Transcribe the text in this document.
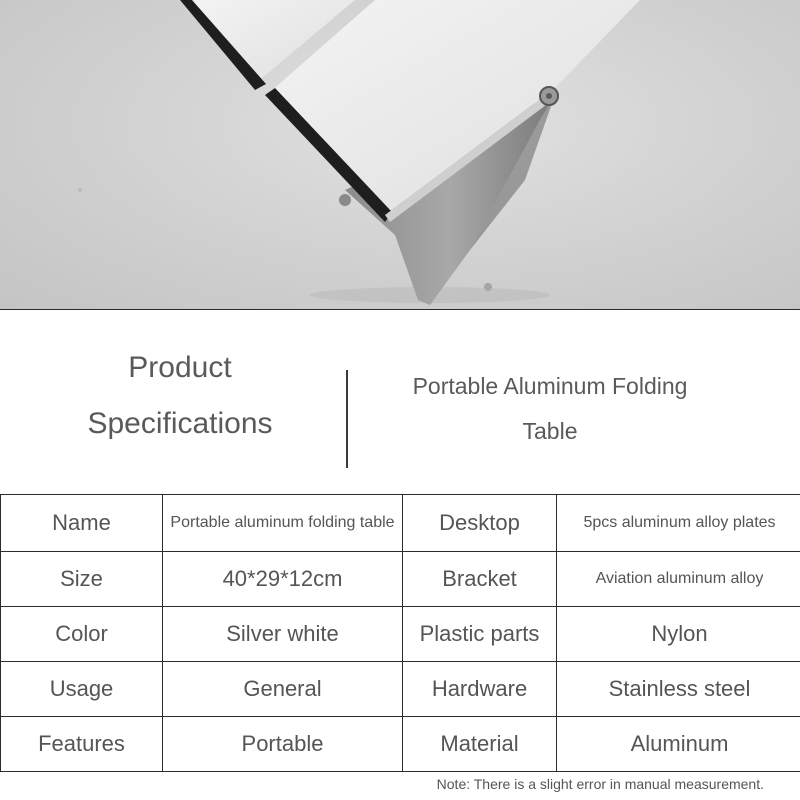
Product
Specifications
Portable Aluminum Folding
Table
Name	Portable aluminum folding table	Desktop	5pcs aluminum alloy plates
Size	40*29*12cm	Bracket	Aviation aluminum alloy
Color	Silver white	Plastic parts	Nylon
Usage	General	Hardware	Stainless steel
Features	Portable	Material	Aluminum
Note: There is a slight error in manual measurement.
